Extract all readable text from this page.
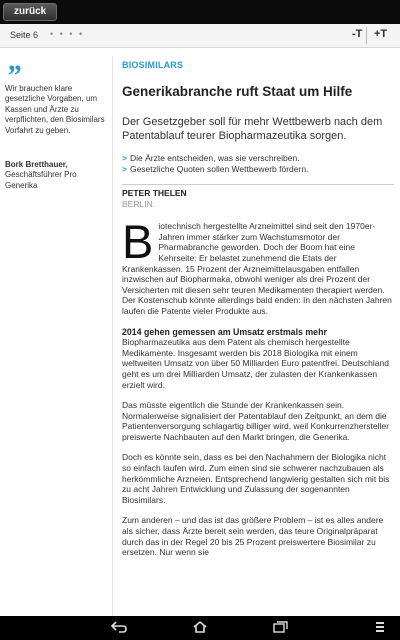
zurück
Seite 6 • • • •	-T +T
”
Wir brauchen klare gesetzliche Vorgaben, um Kassen und Ärzte zu verpflichten, den Biosimilars Vorfahrt zu geben.
Bork Bretthauer,
Geschäftsführer Pro Generika
BIOSIMILARS
Generikabranche ruft Staat um Hilfe
Der Gesetzgeber soll für mehr Wettbewerb nach dem Patentablauf teurer Biopharmazeutika sorgen.
> Die Ärzte entscheiden, was sie verschreiben.
> Gesetzliche Quoten sollen Wettbewerb fördern.
PETER THELEN
BERLIN.
Biotechnisch hergestellte Arzneimittel sind seit den 1970er-Jahren immer stärker zum Wachstumsmotor der Pharmabranche geworden. Doch der Boom hat eine Kehrseite: Er belastet zunehmend die Etats der Krankenkassen. 15 Prozent der Arzneimittelausgaben entfallen inzwischen auf Biopharmaka, obwohl weniger als drei Prozent der Versicherten mit diesen sehr teuren Medikamenten therapiert werden. Der Kostenschub könnte allerdings bald enden: In den nächsten Jahren laufen die Patente vieler Produkte aus.
2014 gehen gemessen am Umsatz erstmals mehr
Biopharmazeutika aus dem Patent als chemisch hergestellte Medikamente. Insgesamt werden bis 2018 Biologika mit einem weltweiten Umsatz von über 50 Milliarden Euro patentfrei. Deutschland geht es um drei Milliarden Umsatz, der zulasten der Krankenkassen erzielt wird.
Das müsste eigentlich die Stunde der Krankenkassen sein. Normalerweise signalisiert der Patentablauf den Zeitpunkt, an dem die Patientenversorgung schlagartig billiger wird, weil Konkurrenzhersteller preiswerte Nachbauten auf den Markt bringen, die Generika.
Doch es könnte sein, dass es bei den Nachahmern der Biologika nicht so einfach laufen wird. Zum einen sind sie schwerer nachzubauen als herkömmliche Arzneien. Entsprechend langwierig gestalten sich mit bis zu acht Jahren Entwicklung und Zulassung der sogenannten Biosimilars.
Zum anderen – und das ist das größere Problem – ist es alles andere als sicher, dass Ärzte bereit sein werden, das teure Originalpräparat durch das in der Regel 20 bis 25 Prozent preiswertere Biosimilar zu ersetzen. Nur wenn sie
